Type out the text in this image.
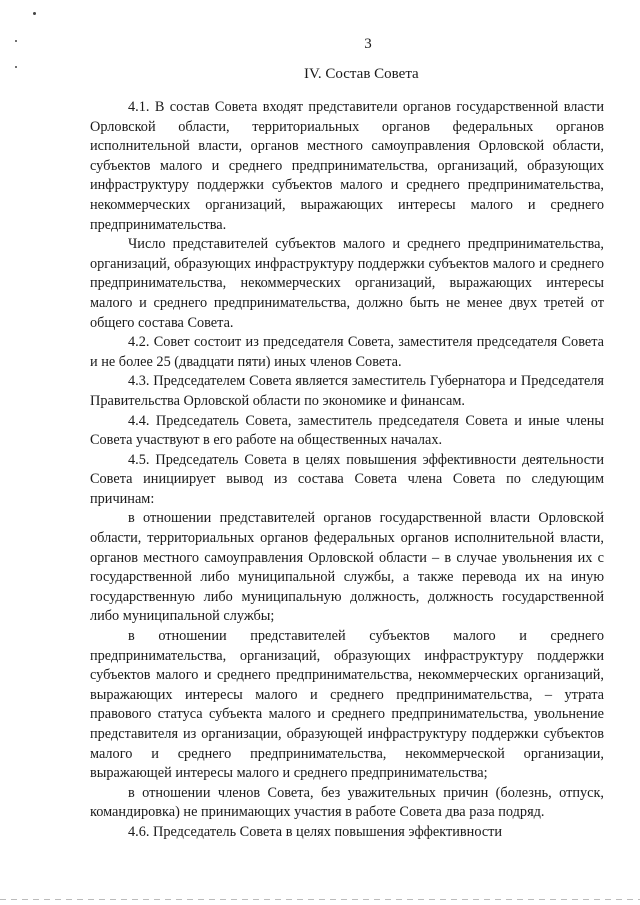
3
IV. Состав Совета

4.1. В состав Совета входят представители органов государственной власти Орловской области, территориальных органов федеральных органов исполнительной власти, органов местного самоуправления Орловской области, субъектов малого и среднего предпринимательства, организаций, образующих инфраструктуру поддержки субъектов малого и среднего предпринимательства, некоммерческих организаций, выражающих интересы малого и среднего предпринимательства.

Число представителей субъектов малого и среднего предпринимательства, организаций, образующих инфраструктуру поддержки субъектов малого и среднего предпринимательства, некоммерческих организаций, выражающих интересы малого и среднего предпринимательства, должно быть не менее двух третей от общего состава Совета.

4.2. Совет состоит из председателя Совета, заместителя председателя Совета и не более 25 (двадцати пяти) иных членов Совета.

4.3. Председателем Совета является заместитель Губернатора и Председателя Правительства Орловской области по экономике и финансам.

4.4. Председатель Совета, заместитель председателя Совета и иные члены Совета участвуют в его работе на общественных началах.

4.5. Председатель Совета в целях повышения эффективности деятельности Совета инициирует вывод из состава Совета члена Совета по следующим причинам:

в отношении представителей органов государственной власти Орловской области, территориальных органов федеральных органов исполнительной власти, органов местного самоуправления Орловской области – в случае увольнения их с государственной либо муниципальной службы, а также перевода их на иную государственную либо муниципальную должность, должность государственной либо муниципальной службы;

в отношении представителей субъектов малого и среднего предпринимательства, организаций, образующих инфраструктуру поддержки субъектов малого и среднего предпринимательства, некоммерческих организаций, выражающих интересы малого и среднего предпринимательства, – утрата правового статуса субъекта малого и среднего предпринимательства, увольнение представителя из организации, образующей инфраструктуру поддержки субъектов малого и среднего предпринимательства, некоммерческой организации, выражающей интересы малого и среднего предпринимательства;

в отношении членов Совета, без уважительных причин (болезнь, отпуск, командировка) не принимающих участия в работе Совета два раза подряд.

4.6. Председатель Совета в целях повышения эффективности
